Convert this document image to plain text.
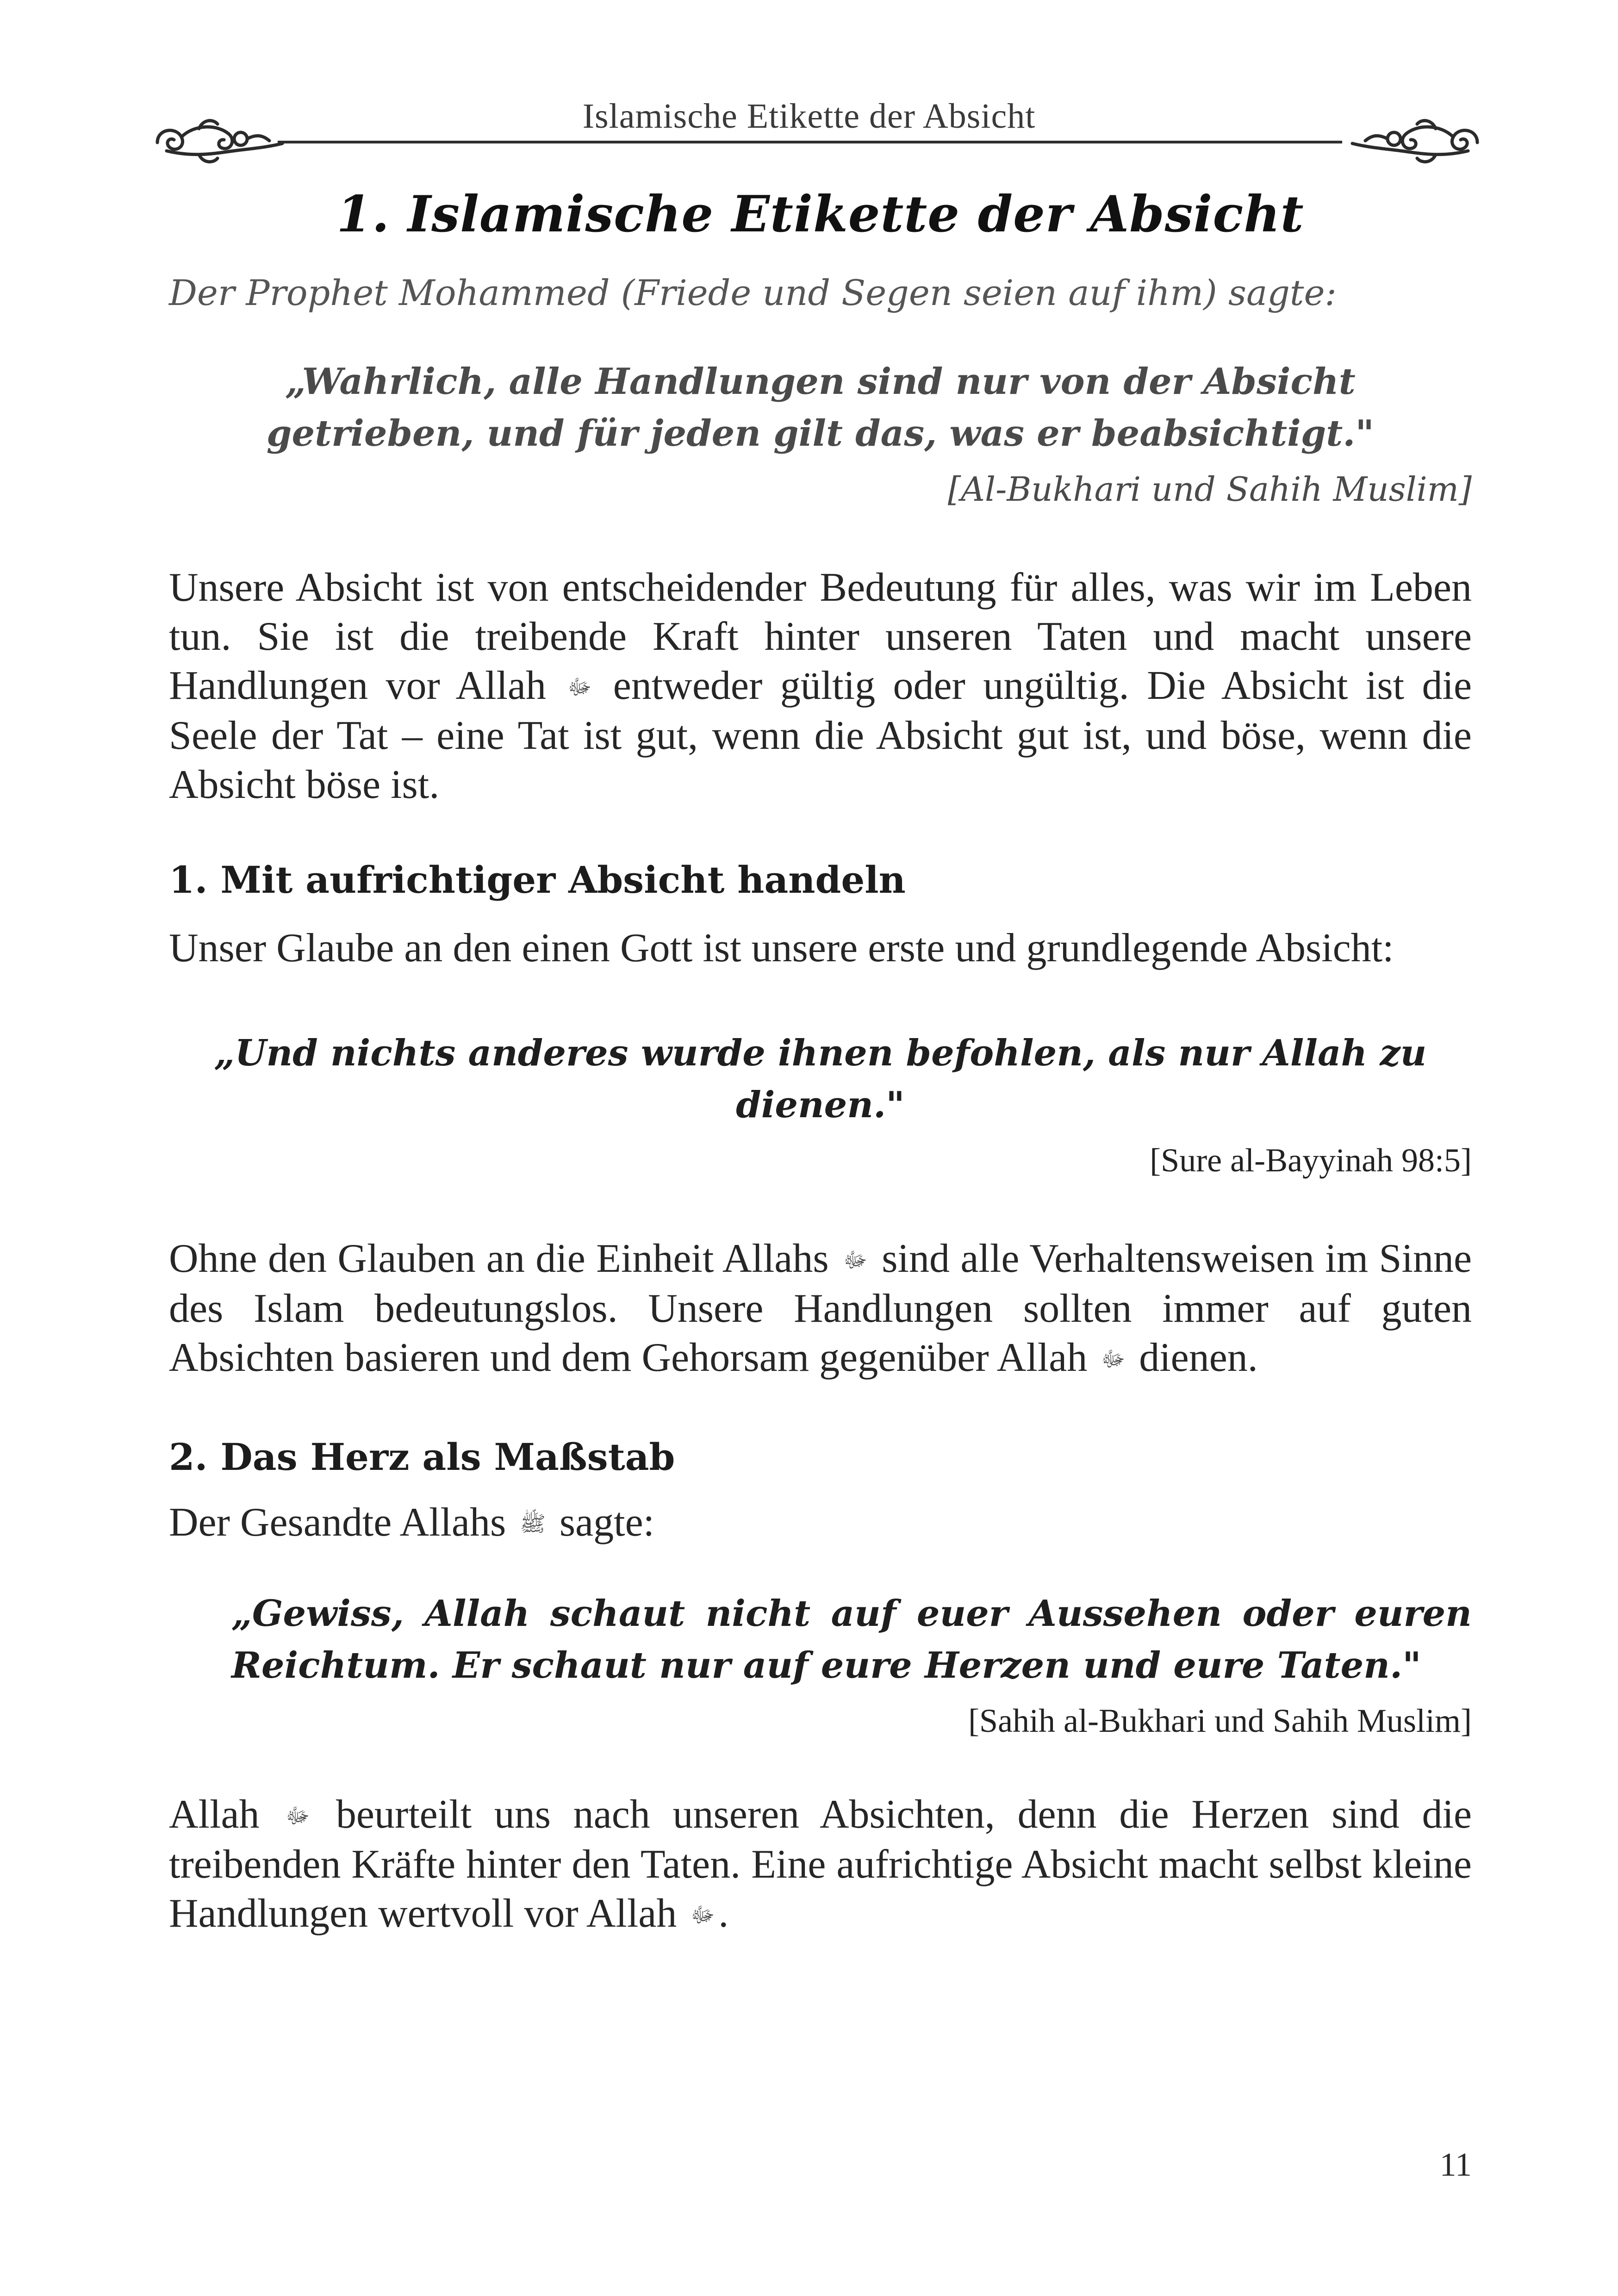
Islamische Etikette der Absicht
1. Islamische Etikette der Absicht
Der Prophet Mohammed (Friede und Segen seien auf ihm) sagte:
„Wahrlich, alle Handlungen sind nur von der Absicht
getrieben, und für jeden gilt das, was er beabsichtigt."
[Al-Bukhari und Sahih Muslim]

Unsere Absicht ist von entscheidender Bedeutung für alles, was wir im Leben tun. Sie ist die treibende Kraft hinter unseren Taten und macht unsere Handlungen vor Allah ﷻ entweder gültig oder ungültig. Die Absicht ist die Seele der Tat – eine Tat ist gut, wenn die Absicht gut ist, und böse, wenn die Absicht böse ist.

1. Mit aufrichtiger Absicht handeln

Unser Glaube an den einen Gott ist unsere erste und grundlegende Absicht:

„Und nichts anderes wurde ihnen befohlen, als nur Allah zu
dienen."
[Sure al-Bayyinah 98:5]

Ohne den Glauben an die Einheit Allahs ﷻ sind alle Verhaltensweisen im Sinne des Islam bedeutungslos. Unsere Handlungen sollten immer auf guten Absichten basieren und dem Gehorsam gegenüber Allah ﷻ dienen.

2. Das Herz als Maßstab

Der Gesandte Allahs ﷺ sagte:

„Gewiss, Allah schaut nicht auf euer Aussehen oder euren Reichtum. Er schaut nur auf eure Herzen und eure Taten."
[Sahih al-Bukhari und Sahih Muslim]

Allah ﷻ beurteilt uns nach unseren Absichten, denn die Herzen sind die treibenden Kräfte hinter den Taten. Eine aufrichtige Absicht macht selbst kleine Handlungen wertvoll vor Allah ﷻ.

11
